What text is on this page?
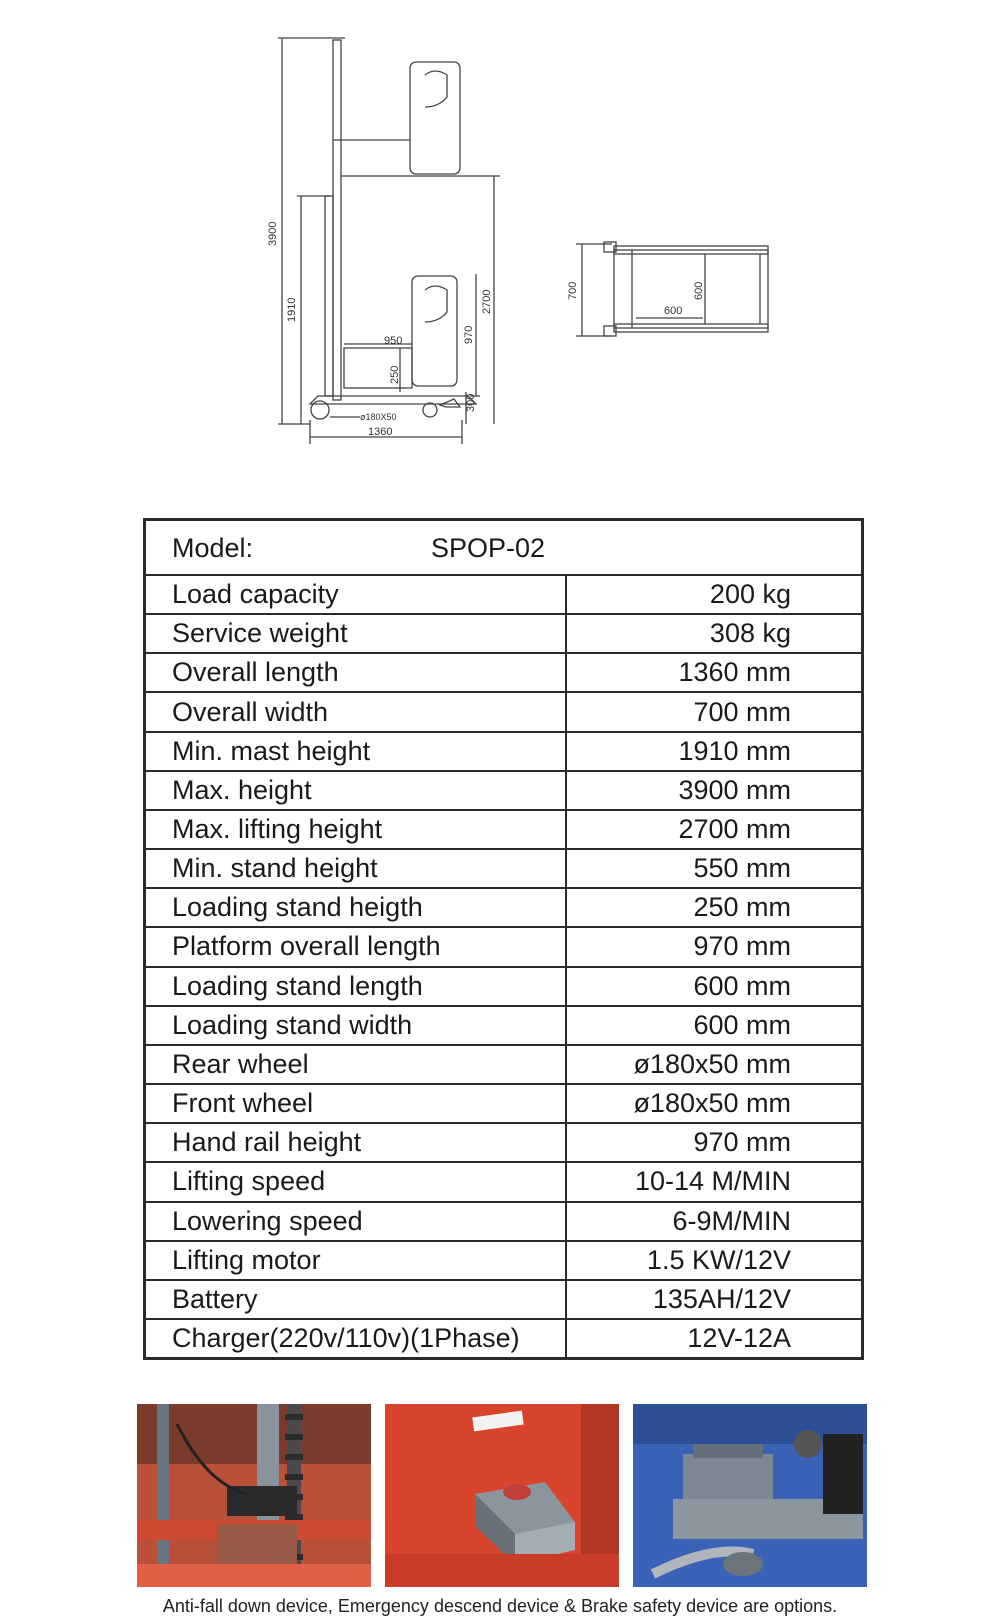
3900
1910	2700
970
950
250
300
ø180X50
1360
700	600
600
Model:	SPOP-02
Load capacity	200 kg
Service weight	308 kg
Overall length	1360 mm
Overall width	700 mm
Min. mast height	1910 mm
Max. height	3900 mm
Max. lifting height	2700 mm
Min. stand height	550 mm
Loading stand heigth	250 mm
Platform overall length	970 mm
Loading stand length	600 mm
Loading stand width	600 mm
Rear wheel	ø180x50 mm
Front wheel	ø180x50 mm
Hand rail height	970 mm
Lifting speed	10-14 M/MIN
Lowering speed	6-9M/MIN
Lifting motor	1.5 KW/12V
Battery	135AH/12V
Charger(220v/110v)(1Phase)	12V-12A
Anti-fall down device, Emergency descend device & Brake safety device are options.
